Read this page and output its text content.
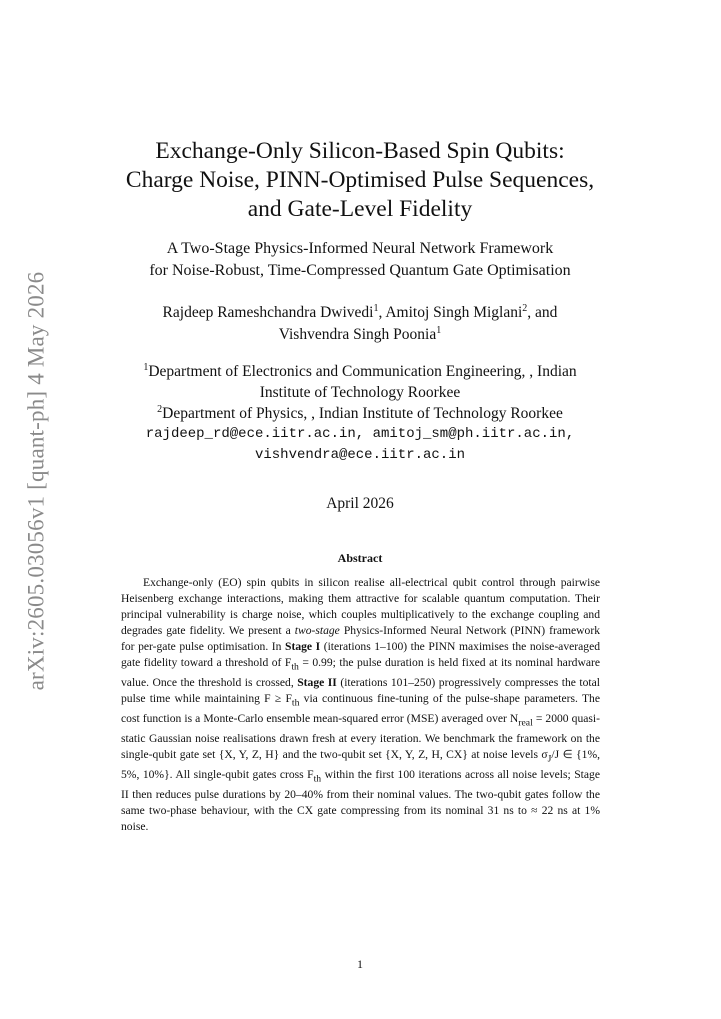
arXiv:2605.03056v1 [quant-ph] 4 May 2026
Exchange-Only Silicon-Based Spin Qubits:
Charge Noise, PINN-Optimised Pulse Sequences,
and Gate-Level Fidelity
A Two-Stage Physics-Informed Neural Network Framework
for Noise-Robust, Time-Compressed Quantum Gate Optimisation
Rajdeep Rameshchandra Dwivedi$^1$, Amitoj Singh Miglani$^2$, and
Vishvendra Singh Poonia$^1$
$^1$Department of Electronics and Communication Engineering, , Indian
Institute of Technology Roorkee
$^2$Department of Physics, , Indian Institute of Technology Roorkee
rajdeep_rd@ece.iitr.ac.in, amitoj_sm@ph.iitr.ac.in,
vishvendra@ece.iitr.ac.in
April 2026
Abstract

Exchange-only (EO) spin qubits in silicon realise all-electrical qubit control through pairwise Heisenberg exchange interactions, making them attractive for scalable quantum computation. Their principal vulnerability is charge noise, which couples multiplicatively to the exchange coupling and degrades gate fidelity. We present a two-stage Physics-Informed Neural Network (PINN) framework for per-gate pulse optimisation. In Stage I (iterations 1–100) the PINN maximises the noise-averaged gate fidelity toward a threshold of $F_{th} = 0.99$; the pulse duration is held fixed at its nominal hardware value. Once the threshold is crossed, Stage II (iterations 101–250) progressively compresses the total pulse time while maintaining $F \ge F_{th}$ via continuous fine-tuning of the pulse-shape parameters. The cost function is a Monte-Carlo ensemble mean-squared error (MSE) averaged over $N_{real} = 2000$ quasi-static Gaussian noise realisations drawn fresh at every iteration. We benchmark the framework on the single-qubit gate set {X, Y, Z, H} and the two-qubit set {X, Y, Z, H, CX} at noise levels $\sigma_J/J$ ∈ {1%, 5%, 10%}. All single-qubit gates cross $F_{th}$ within the first 100 iterations across all noise levels; Stage II then reduces pulse durations by 20–40% from their nominal values. The two-qubit gates follow the same two-phase behaviour, with the CX gate compressing from its nominal 31 ns to ≈ 22 ns at 1% noise.

1
